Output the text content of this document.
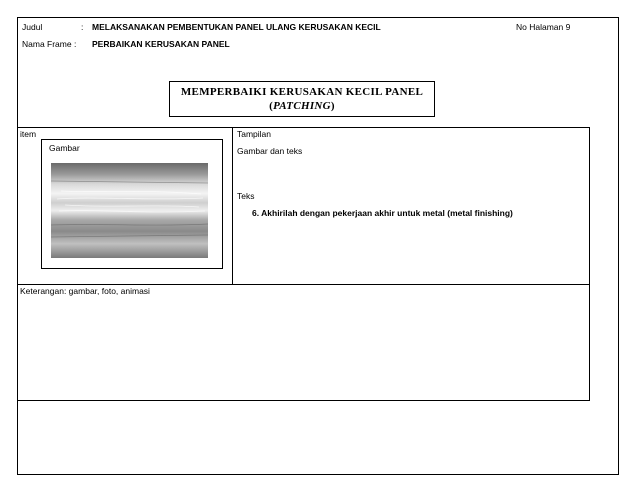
Judul	: MELAKSANAKAN PEMBENTUKAN PANEL ULANG KERUSAKAN KECIL	No Halaman 9
Nama Frame : PERBAIKAN KERUSAKAN PANEL
MEMPERBAIKI KERUSAKAN KECIL PANEL
(PATCHING)
item
Gambar
Tampilan
Gambar dan teks
Teks
6. Akhirilah dengan pekerjaan akhir untuk metal (metal finishing)
Keterangan: gambar, foto, animasi
